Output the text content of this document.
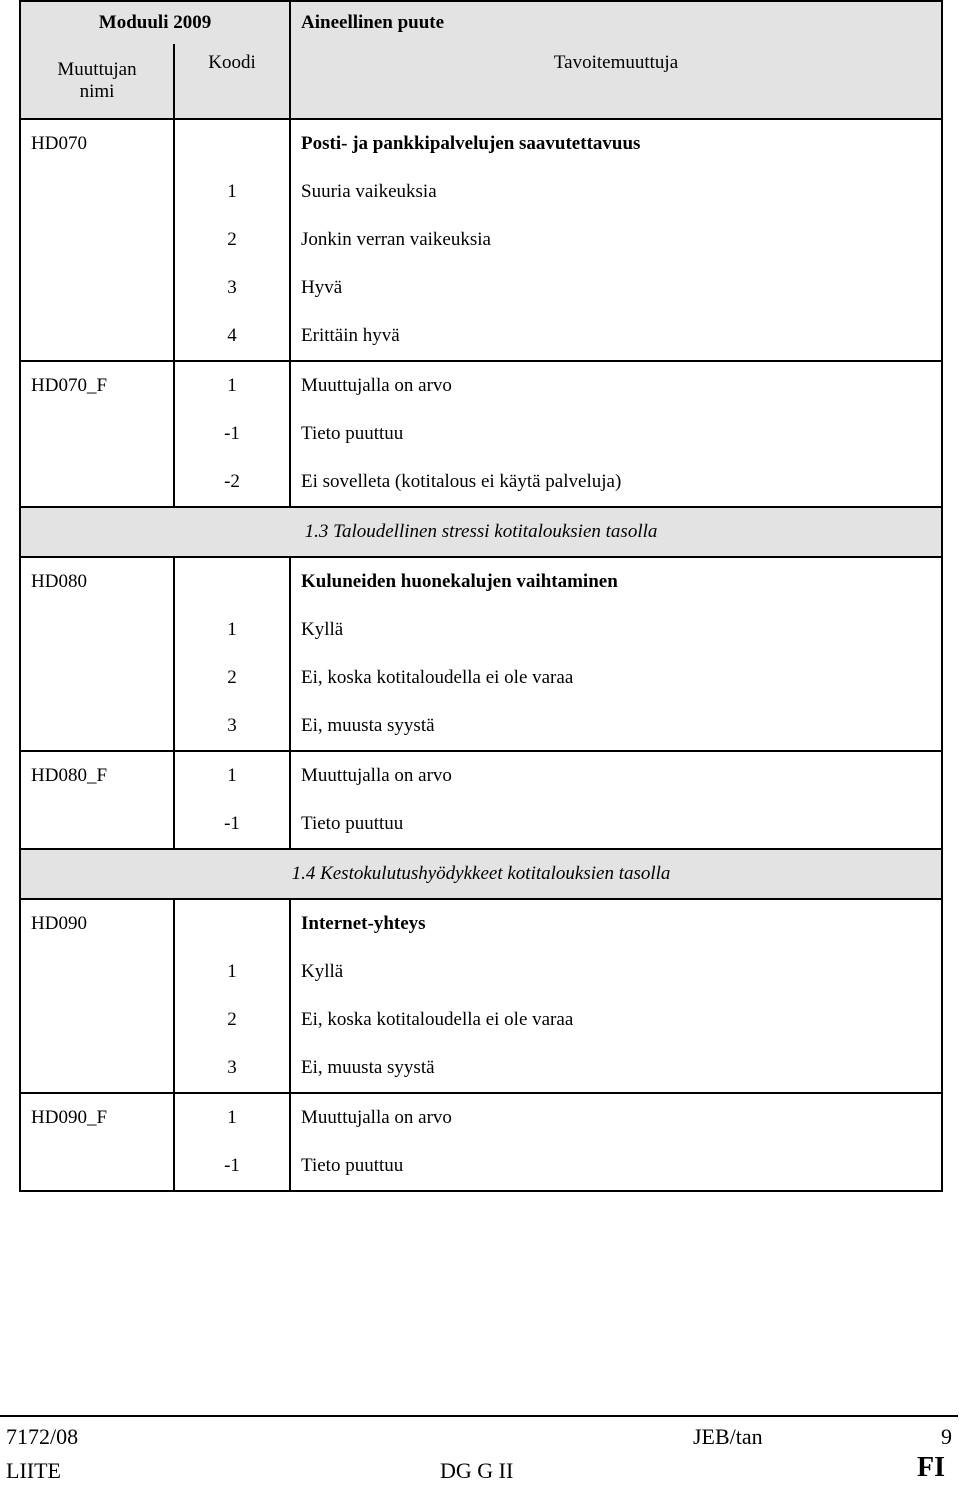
Moduuli 2009		Aineellinen puute
Muuttujan nimi	Koodi	Tavoitemuuttuja
HD070		Posti- ja pankkipalvelujen saavutettavuus
	1	Suuria vaikeuksia
	2	Jonkin verran vaikeuksia
	3	Hyvä
	4	Erittäin hyvä
HD070_F	1	Muuttujalla on arvo
	-1	Tieto puuttuu
	-2	Ei sovelleta (kotitalous ei käytä palveluja)
1.3 Taloudellinen stressi kotitalouksien tasolla		
HD080		Kuluneiden huonekalujen vaihtaminen
	1	Kyllä
	2	Ei, koska kotitaloudella ei ole varaa
	3	Ei, muusta syystä
HD080_F	1	Muuttujalla on arvo
	-1	Tieto puuttuu
1.4 Kestokulutushyödykkeet kotitalouksien tasolla		
HD090		Internet-yhteys
	1	Kyllä
	2	Ei, koska kotitaloudella ei ole varaa
	3	Ei, muusta syystä
HD090_F	1	Muuttujalla on arvo
	-1	Tieto puuttuu
7172/08	JEB/tan	9
LIITE	DG G II	FI
